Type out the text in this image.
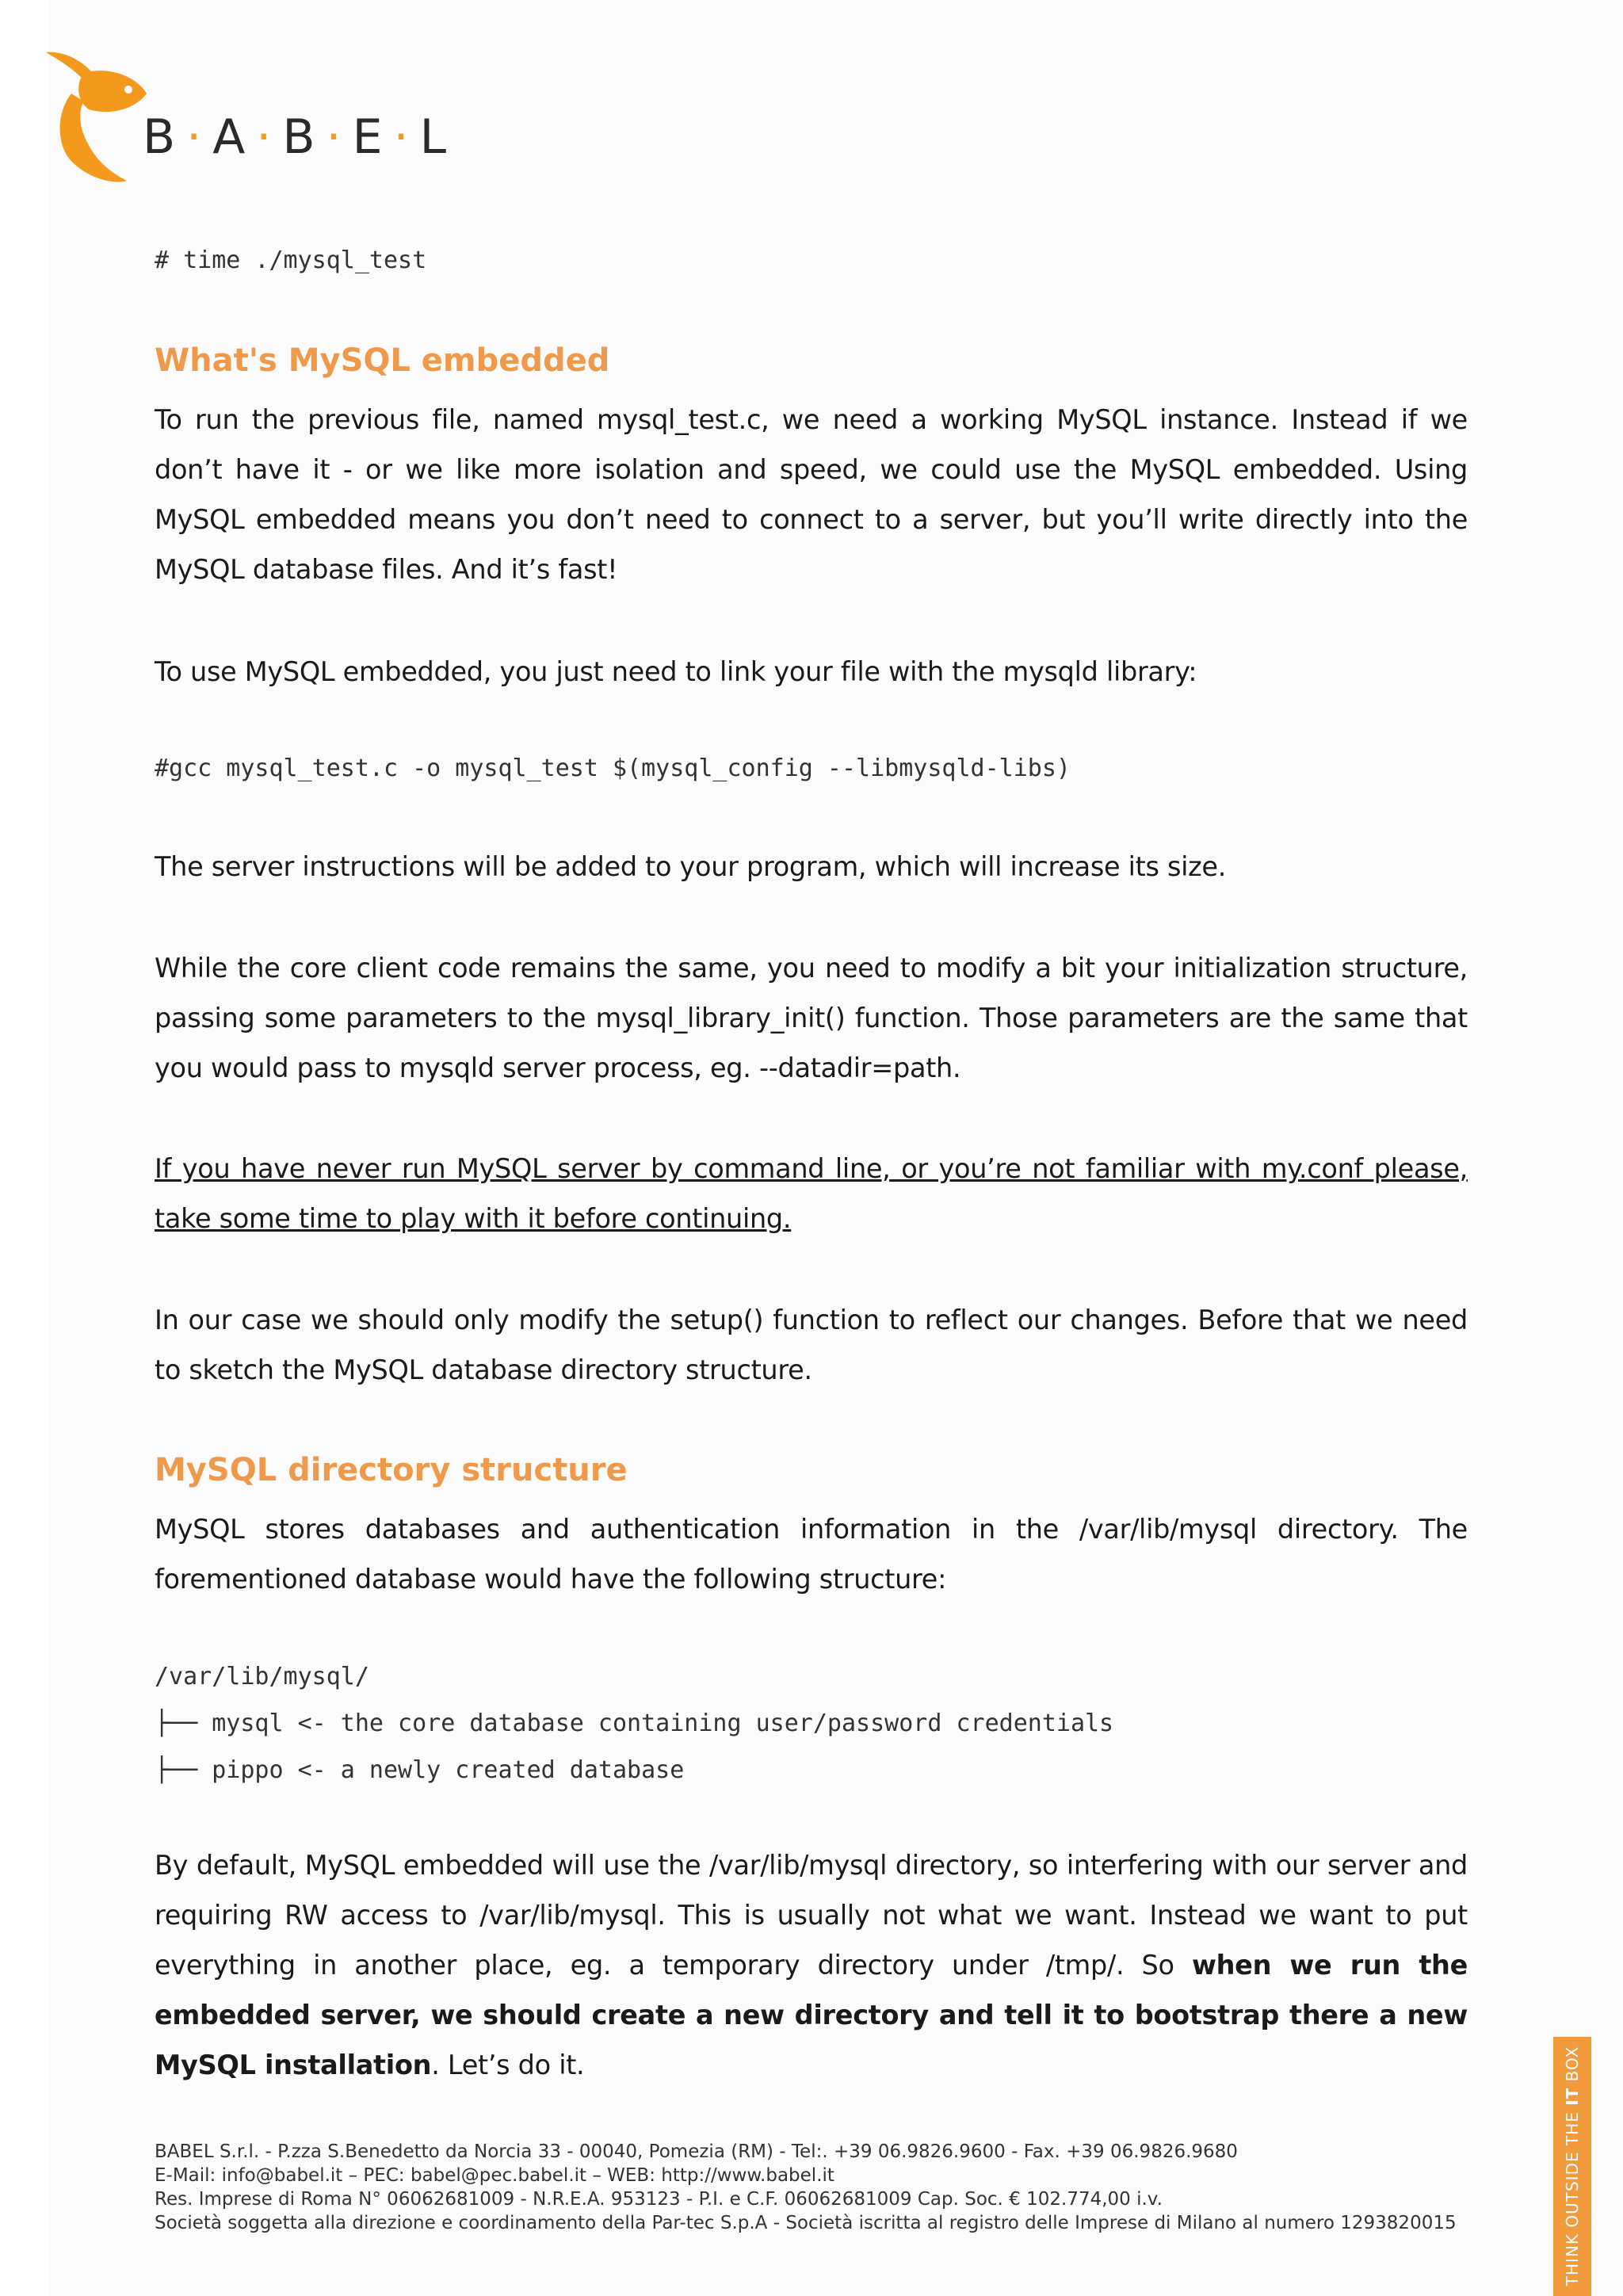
B · A · B · E · L
# time ./mysql_test
What's MySQL embedded
To run the previous file, named mysql_test.c, we need a working MySQL instance. Instead if we don’t have it - or we like more isolation and speed, we could use the MySQL embedded. Using MySQL embedded means you don’t need to connect to a server, but you’ll write directly into the MySQL database files. And it’s fast!
To use MySQL embedded, you just need to link your file with the mysqld library:
#gcc mysql_test.c -o mysql_test $(mysql_config --libmysqld-libs)
The server instructions will be added to your program, which will increase its size.
While the core client code remains the same, you need to modify a bit your initialization structure, passing some parameters to the mysql_library_init() function. Those parameters are the same that you would pass to mysqld server process, eg. --datadir=path.
If you have never run MySQL server by command line, or you’re not familiar with my.conf please, take some time to play with it before continuing.
In our case we should only modify the setup() function to reflect our changes. Before that we need to sketch the MySQL database directory structure.
MySQL directory structure
MySQL stores databases and authentication information in the /var/lib/mysql directory. The forementioned database would have the following structure:
/var/lib/mysql/
├── mysql <- the core database containing user/password credentials
├── pippo <- a newly created database
By default, MySQL embedded will use the /var/lib/mysql directory, so interfering with our server and requiring RW access to /var/lib/mysql. This is usually not what we want. Instead we want to put everything in another place, eg. a temporary directory under /tmp/. So when we run the embedded server, we should create a new directory and tell it to bootstrap there a new MySQL installation. Let’s do it.
BABEL S.r.l. - P.zza S.Benedetto da Norcia 33 - 00040, Pomezia (RM) - Tel:. +39 06.9826.9600 - Fax. +39 06.9826.9680
E-Mail: info@babel.it – PEC: babel@pec.babel.it – WEB: http://www.babel.it
Res. Imprese di Roma N° 06062681009 - N.R.E.A. 953123 - P.I. e C.F. 06062681009 Cap. Soc. € 102.774,00 i.v.
Società soggetta alla direzione e coordinamento della Par-tec S.p.A - Società iscritta al registro delle Imprese di Milano al numero 1293820015	THINK OUTSIDE THE IT BOX
